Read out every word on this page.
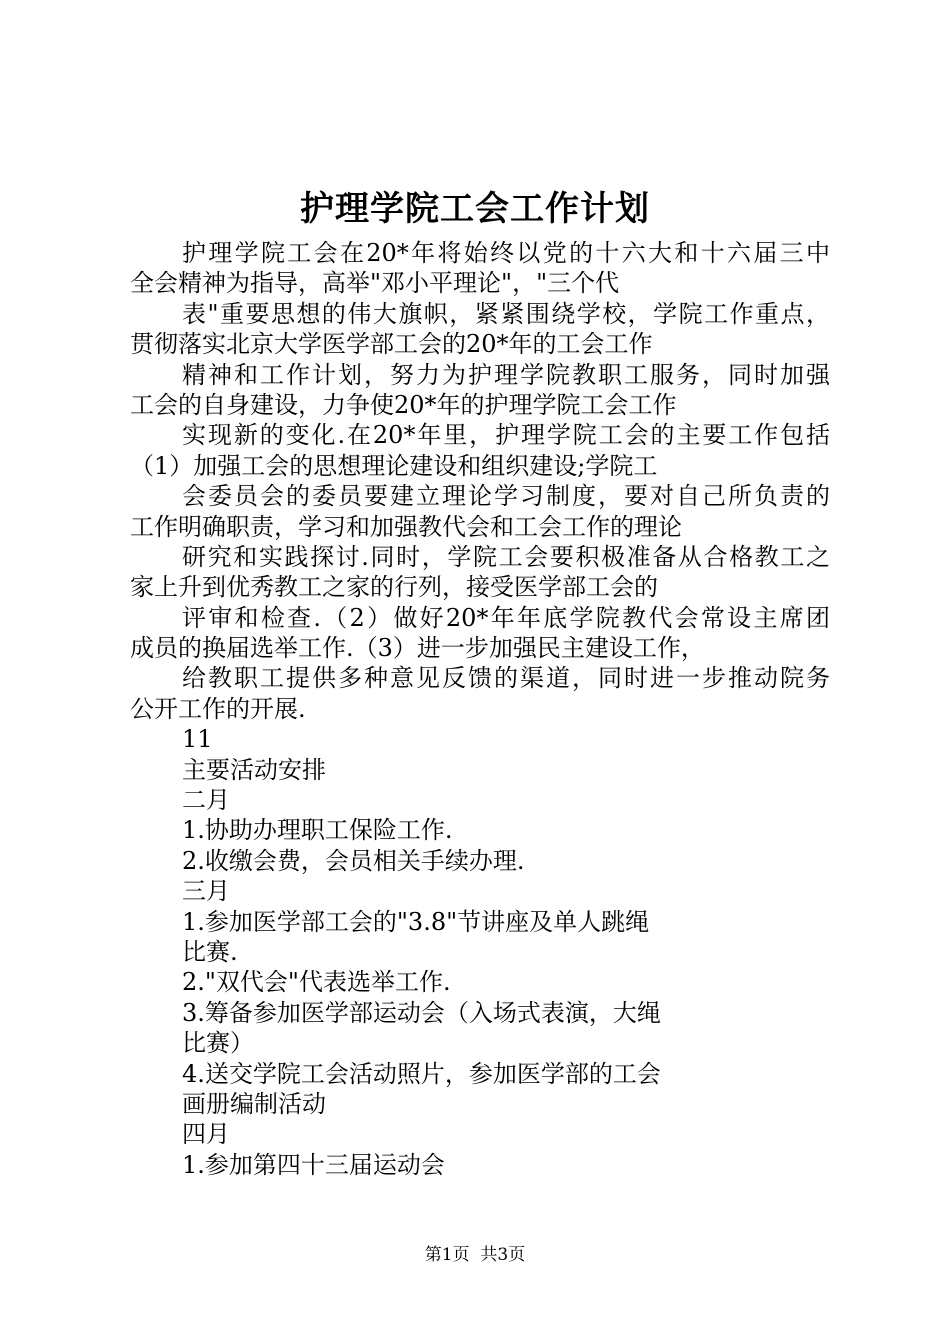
护理学院工会工作计划
护理学院工会在20*年将始终以党的十六大和十六届三中
全会精神为指导，高举"邓小平理论"，"三个代
表"重要思想的伟大旗帜，紧紧围绕学校，学院工作重点，
贯彻落实北京大学医学部工会的20*年的工会工作
精神和工作计划，努力为护理学院教职工服务，同时加强
工会的自身建设，力争使20*年的护理学院工会工作
实现新的变化.在20*年里，护理学院工会的主要工作包括
（1）加强工会的思想理论建设和组织建设;学院工
会委员会的委员要建立理论学习制度，要对自己所负责的
工作明确职责，学习和加强教代会和工会工作的理论
研究和实践探讨.同时，学院工会要积极准备从合格教工之
家上升到优秀教工之家的行列，接受医学部工会的
评审和检查.（2）做好20*年年底学院教代会常设主席团
成员的换届选举工作.（3）进一步加强民主建设工作，
给教职工提供多种意见反馈的渠道，同时进一步推动院务
公开工作的开展.
11
主要活动安排
二月
1.协助办理职工保险工作.
2.收缴会费，会员相关手续办理.
三月
1.参加医学部工会的"3.8"节讲座及单人跳绳
比赛.
2."双代会"代表选举工作.
3.筹备参加医学部运动会（入场式表演，大绳
比赛）
4.送交学院工会活动照片，参加医学部的工会
画册编制活动
四月
1.参加第四十三届运动会
第1页  共3页
